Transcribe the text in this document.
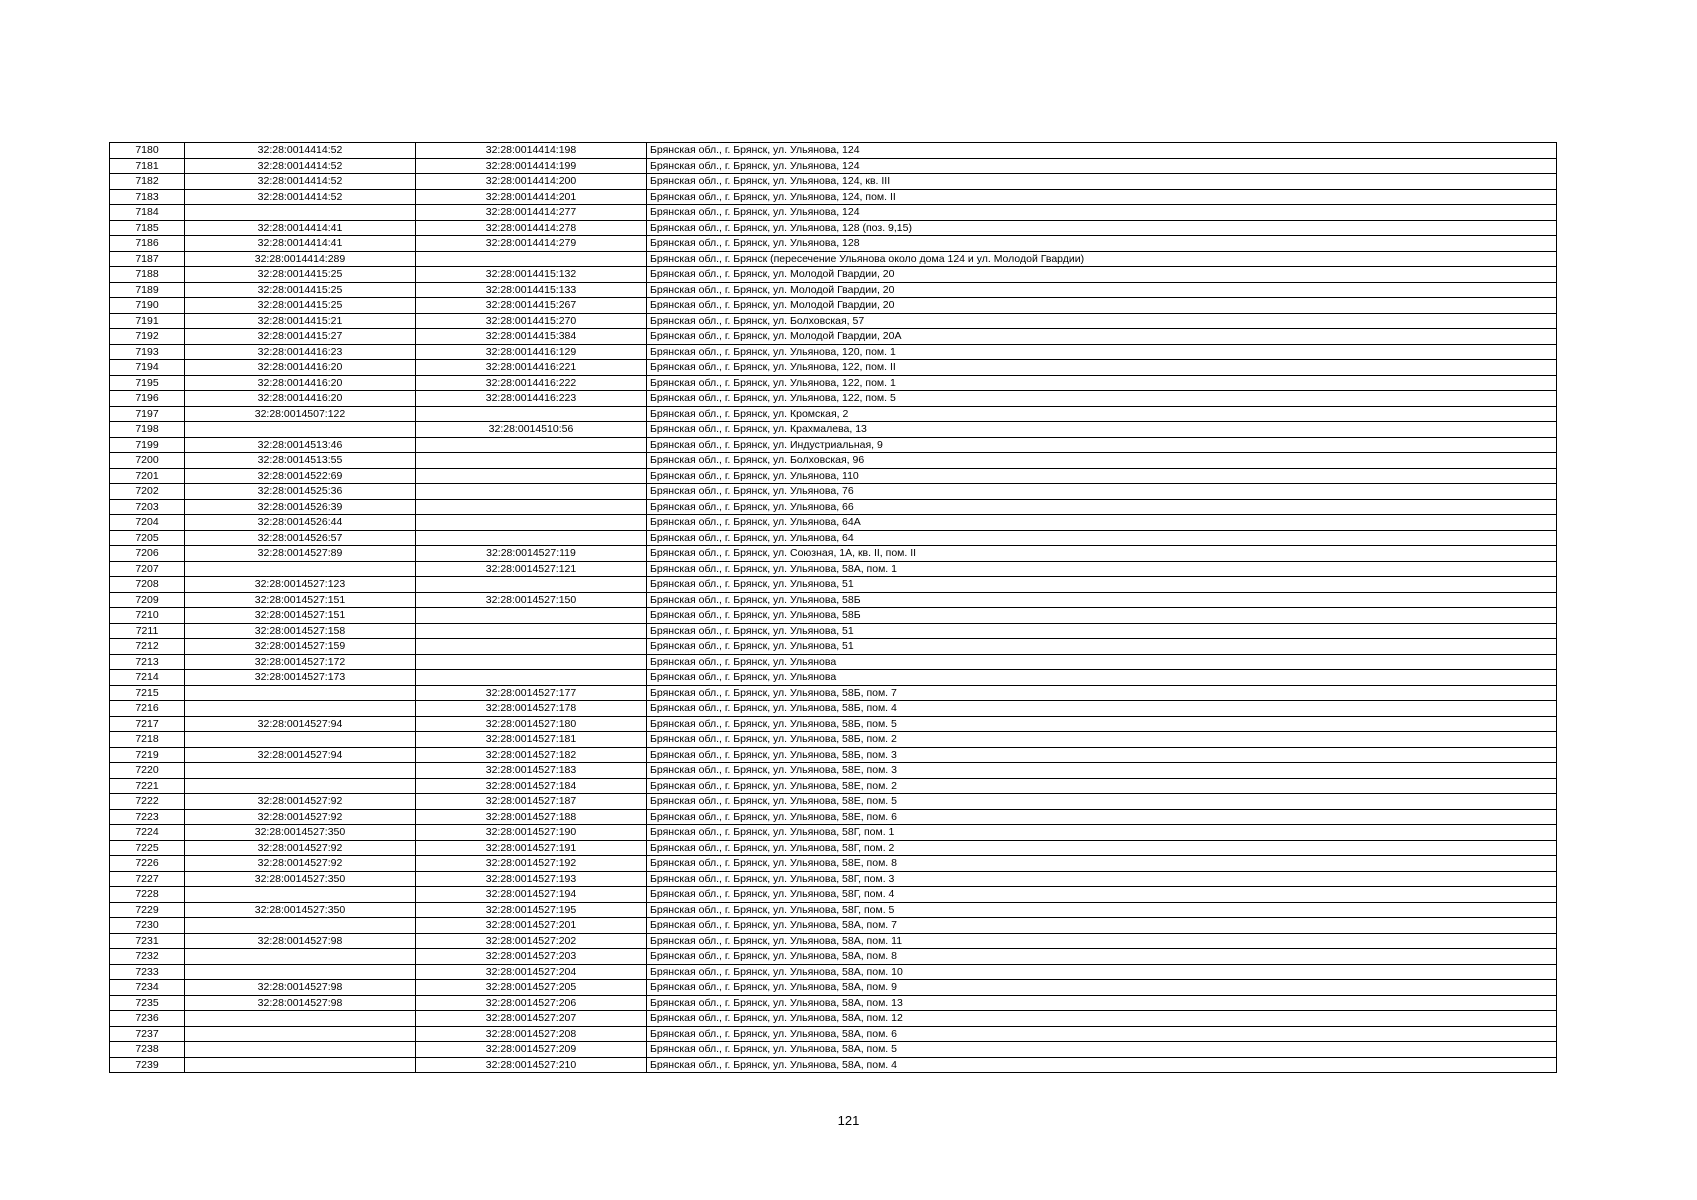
7180	32:28:0014414:52	32:28:0014414:198	Брянская обл., г. Брянск, ул. Ульянова, 124
7181	32:28:0014414:52	32:28:0014414:199	Брянская обл., г. Брянск, ул. Ульянова, 124
7182	32:28:0014414:52	32:28:0014414:200	Брянская обл., г. Брянск, ул. Ульянова, 124, кв. III
7183	32:28:0014414:52	32:28:0014414:201	Брянская обл., г. Брянск, ул. Ульянова, 124, пом. II
7184		32:28:0014414:277	Брянская обл., г. Брянск, ул. Ульянова, 124
7185	32:28:0014414:41	32:28:0014414:278	Брянская обл., г. Брянск, ул. Ульянова, 128 (поз. 9,15)
7186	32:28:0014414:41	32:28:0014414:279	Брянская обл., г. Брянск, ул. Ульянова, 128
7187	32:28:0014414:289		Брянская обл., г. Брянск (пересечение Ульянова около дома 124 и ул. Молодой Гвардии)
7188	32:28:0014415:25	32:28:0014415:132	Брянская обл., г. Брянск, ул. Молодой Гвардии, 20
7189	32:28:0014415:25	32:28:0014415:133	Брянская обл., г. Брянск, ул. Молодой Гвардии, 20
7190	32:28:0014415:25	32:28:0014415:267	Брянская обл., г. Брянск, ул. Молодой Гвардии, 20
7191	32:28:0014415:21	32:28:0014415:270	Брянская обл., г. Брянск, ул. Болховская, 57
7192	32:28:0014415:27	32:28:0014415:384	Брянская обл., г. Брянск, ул. Молодой Гвардии, 20А
7193	32:28:0014416:23	32:28:0014416:129	Брянская обл., г. Брянск, ул. Ульянова, 120, пом. 1
7194	32:28:0014416:20	32:28:0014416:221	Брянская обл., г. Брянск, ул. Ульянова, 122, пом. II
7195	32:28:0014416:20	32:28:0014416:222	Брянская обл., г. Брянск, ул. Ульянова, 122, пом. 1
7196	32:28:0014416:20	32:28:0014416:223	Брянская обл., г. Брянск, ул. Ульянова, 122, пом. 5
7197	32:28:0014507:122		Брянская обл., г. Брянск, ул. Кромская, 2
7198		32:28:0014510:56	Брянская обл., г. Брянск, ул. Крахмалева, 13
7199	32:28:0014513:46		Брянская обл., г. Брянск, ул. Индустриальная, 9
7200	32:28:0014513:55		Брянская обл., г. Брянск, ул. Болховская, 96
7201	32:28:0014522:69		Брянская обл., г. Брянск, ул. Ульянова, 110
7202	32:28:0014525:36		Брянская обл., г. Брянск, ул. Ульянова, 76
7203	32:28:0014526:39		Брянская обл., г. Брянск, ул. Ульянова, 66
7204	32:28:0014526:44		Брянская обл., г. Брянск, ул. Ульянова, 64А
7205	32:28:0014526:57		Брянская обл., г. Брянск, ул. Ульянова, 64
7206	32:28:0014527:89	32:28:0014527:119	Брянская обл., г. Брянск, ул. Союзная, 1А, кв. II, пом. II
7207		32:28:0014527:121	Брянская обл., г. Брянск, ул. Ульянова, 58А, пом. 1
7208	32:28:0014527:123		Брянская обл., г. Брянск, ул. Ульянова, 51
7209	32:28:0014527:151	32:28:0014527:150	Брянская обл., г. Брянск, ул. Ульянова, 58Б
7210	32:28:0014527:151		Брянская обл., г. Брянск, ул. Ульянова, 58Б
7211	32:28:0014527:158		Брянская обл., г. Брянск, ул. Ульянова, 51
7212	32:28:0014527:159		Брянская обл., г. Брянск, ул. Ульянова, 51
7213	32:28:0014527:172		Брянская обл., г. Брянск, ул. Ульянова
7214	32:28:0014527:173		Брянская обл., г. Брянск, ул. Ульянова
7215		32:28:0014527:177	Брянская обл., г. Брянск, ул. Ульянова, 58Б, пом. 7
7216		32:28:0014527:178	Брянская обл., г. Брянск, ул. Ульянова, 58Б, пом. 4
7217	32:28:0014527:94	32:28:0014527:180	Брянская обл., г. Брянск, ул. Ульянова, 58Б, пом. 5
7218		32:28:0014527:181	Брянская обл., г. Брянск, ул. Ульянова, 58Б, пом. 2
7219	32:28:0014527:94	32:28:0014527:182	Брянская обл., г. Брянск, ул. Ульянова, 58Б, пом. 3
7220		32:28:0014527:183	Брянская обл., г. Брянск, ул. Ульянова, 58Е, пом. 3
7221		32:28:0014527:184	Брянская обл., г. Брянск, ул. Ульянова, 58Е, пом. 2
7222	32:28:0014527:92	32:28:0014527:187	Брянская обл., г. Брянск, ул. Ульянова, 58Е, пом. 5
7223	32:28:0014527:92	32:28:0014527:188	Брянская обл., г. Брянск, ул. Ульянова, 58Е, пом. 6
7224	32:28:0014527:350	32:28:0014527:190	Брянская обл., г. Брянск, ул. Ульянова, 58Г, пом. 1
7225	32:28:0014527:92	32:28:0014527:191	Брянская обл., г. Брянск, ул. Ульянова, 58Г, пом. 2
7226	32:28:0014527:92	32:28:0014527:192	Брянская обл., г. Брянск, ул. Ульянова, 58Е, пом. 8
7227	32:28:0014527:350	32:28:0014527:193	Брянская обл., г. Брянск, ул. Ульянова, 58Г, пом. 3
7228		32:28:0014527:194	Брянская обл., г. Брянск, ул. Ульянова, 58Г, пом. 4
7229	32:28:0014527:350	32:28:0014527:195	Брянская обл., г. Брянск, ул. Ульянова, 58Г, пом. 5
7230		32:28:0014527:201	Брянская обл., г. Брянск, ул. Ульянова, 58А, пом. 7
7231	32:28:0014527:98	32:28:0014527:202	Брянская обл., г. Брянск, ул. Ульянова, 58А, пом. 11
7232		32:28:0014527:203	Брянская обл., г. Брянск, ул. Ульянова, 58А, пом. 8
7233		32:28:0014527:204	Брянская обл., г. Брянск, ул. Ульянова, 58А, пом. 10
7234	32:28:0014527:98	32:28:0014527:205	Брянская обл., г. Брянск, ул. Ульянова, 58А, пом. 9
7235	32:28:0014527:98	32:28:0014527:206	Брянская обл., г. Брянск, ул. Ульянова, 58А, пом. 13
7236		32:28:0014527:207	Брянская обл., г. Брянск, ул. Ульянова, 58А, пом. 12
7237		32:28:0014527:208	Брянская обл., г. Брянск, ул. Ульянова, 58А, пом. 6
7238		32:28:0014527:209	Брянская обл., г. Брянск, ул. Ульянова, 58А, пом. 5
7239		32:28:0014527:210	Брянская обл., г. Брянск, ул. Ульянова, 58А, пом. 4
121
